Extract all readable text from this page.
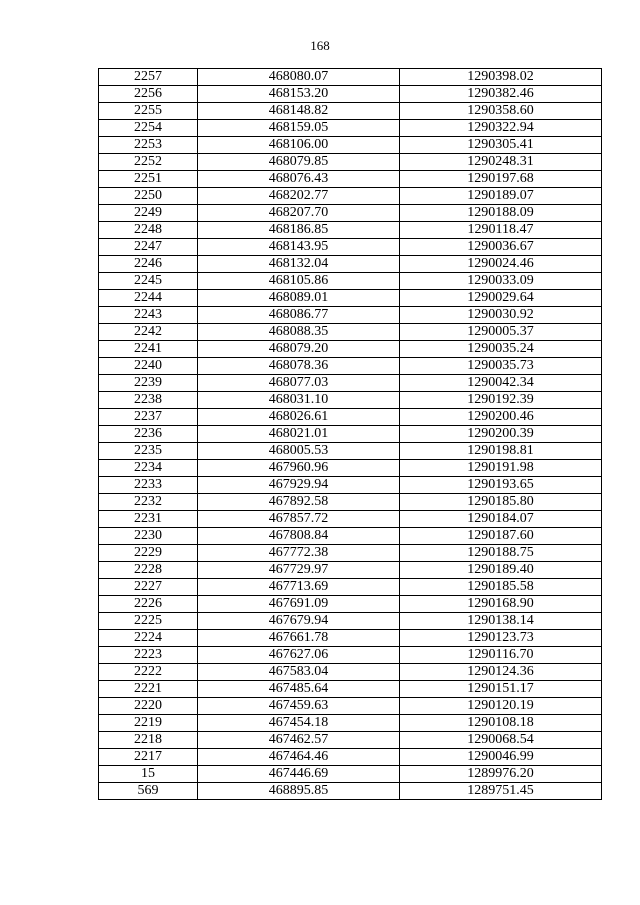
168
2257	468080.07	1290398.02
2256	468153.20	1290382.46
2255	468148.82	1290358.60
2254	468159.05	1290322.94
2253	468106.00	1290305.41
2252	468079.85	1290248.31
2251	468076.43	1290197.68
2250	468202.77	1290189.07
2249	468207.70	1290188.09
2248	468186.85	1290118.47
2247	468143.95	1290036.67
2246	468132.04	1290024.46
2245	468105.86	1290033.09
2244	468089.01	1290029.64
2243	468086.77	1290030.92
2242	468088.35	1290005.37
2241	468079.20	1290035.24
2240	468078.36	1290035.73
2239	468077.03	1290042.34
2238	468031.10	1290192.39
2237	468026.61	1290200.46
2236	468021.01	1290200.39
2235	468005.53	1290198.81
2234	467960.96	1290191.98
2233	467929.94	1290193.65
2232	467892.58	1290185.80
2231	467857.72	1290184.07
2230	467808.84	1290187.60
2229	467772.38	1290188.75
2228	467729.97	1290189.40
2227	467713.69	1290185.58
2226	467691.09	1290168.90
2225	467679.94	1290138.14
2224	467661.78	1290123.73
2223	467627.06	1290116.70
2222	467583.04	1290124.36
2221	467485.64	1290151.17
2220	467459.63	1290120.19
2219	467454.18	1290108.18
2218	467462.57	1290068.54
2217	467464.46	1290046.99
15	467446.69	1289976.20
569	468895.85	1289751.45
